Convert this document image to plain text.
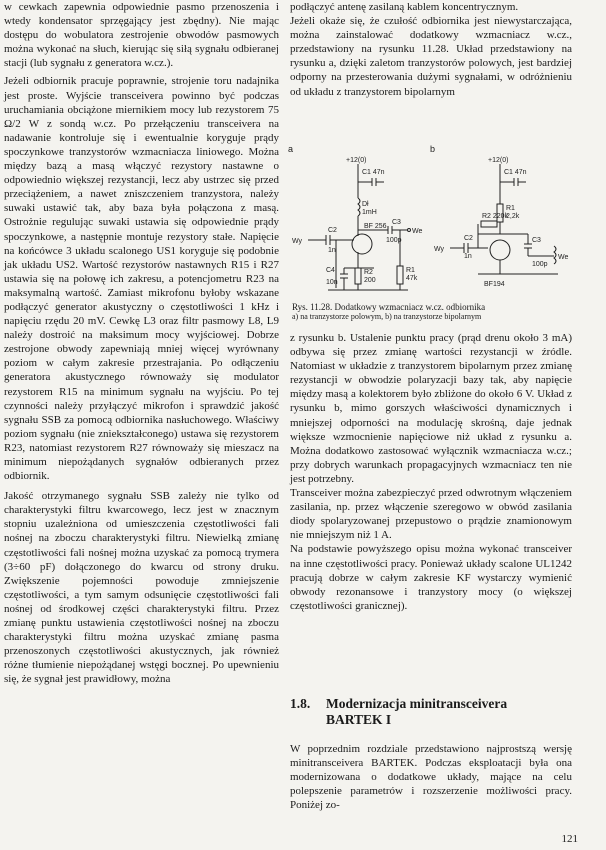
w cewkach zapewnia odpowiednie pasmo przenoszenia i wtedy kondensator sprzęgający jest zbędny). Nie mając dostępu do wobulatora zestrojenie obwodów pasmowych można wykonać na słuch, kierując się siłą sygnału odbieranej stacji (lub sygnału z generatora w.cz.).

Jeżeli odbiornik pracuje poprawnie, strojenie toru nadajnika jest proste. Wyjście transceivera powinno być podczas uruchamiania obciążone miernikiem mocy lub rezystorem 75 Ω/2 W z sondą w.cz. Po przełączeniu transceivera na nadawanie kontroluje się i ewentualnie koryguje prądy spoczynkowe tranzystorów wzmacniacza liniowego. Można między bazą a masą włączyć rezystory nastawne o odpowiednio większej rezystancji, lecz aby ustrzec się przed przeciążeniem, a nawet zniszczeniem tranzystora, należy suwaki ustawić tak, aby baza była połączona z masą. Ostrożnie regulując suwaki ustawia się odpowiednie prądy spoczynkowe, a następnie montuje rezystory stałe. Napięcie na końcówce 3 układu scalonego US1 koryguje się podobnie jak układu US2. Wartość rezystorów nastawnych R15 i R27 ustawia się na połowę ich zakresu, a potencjometru R23 na maksymalną wartość. Zamiast mikrofonu byłoby wskazane podłączyć generator akustyczny o częstotliwości 1 kHz i napięciu rzędu 20 mV. Cewkę L3 oraz filtr pasmowy L8, L9 należy dostroić na maksimum mocy wyjściowej. Dobrze zestrojone obwody zapewniają mniej więcej wyrównany poziom w całym zakresie przestrajania. Po odłączeniu generatora akustycznego równoważy się modulator rezystorem R15 na minimum sygnału na wyjściu. Po tej czynności należy przyłączyć mikrofon i sprawdzić jakość sygnału SSB za pomocą odbiornika nasłuchowego. Właściwy poziom sygnału (nie zniekształconego) ustawa się rezystorem R23, natomiast rezystorem R27 równoważy się mieszacz na minimum niepożądanych sygnałów odbieranych przez odbiornik.

Jakość otrzymanego sygnału SSB zależy nie tylko od charakterystyki filtru kwarcowego, lecz jest w znacznym stopniu uzależniona od umieszczenia częstotliwości fali nośnej na zboczu charakterystyki filtru. Niewielką zmianę częstotliwości fali nośnej można uzyskać za pomocą trymera (3÷60 pF) dołączonego do kwarcu od strony druku. Zwiększenie pojemności powoduje zmniejszenie częstotliwości, a tym samym odsunięcie częstotliwości fali nośnej od środkowej części charakterystyki filtru. Przez zmianę punktu ustawienia częstotliwości nośnej na zboczu charakterystyki filtru można uzyskać zmianę pasma przenoszonych częstotliwości akustycznych, jak również różne tłumienie niepożądanej wstęgi bocznej. Po upewnieniu się, że sygnał jest prawidłowy, można

podłączyć antenę zasilaną kablem koncentrycznym.

Jeżeli okaże się, że czułość odbiornika jest niewystarczająca, można zainstalować dodatkowy wzmacniacz w.cz., przedstawiony na rysunku 11.28. Układ przedstawiony na rysunku a, dzięki zaletom tranzystorów polowych, jest bardziej odporny na przesterowania dużymi sygnałami, w odróżnieniu od układu z tranzystorem bipolarnym

a	b
+12(0)	+12(0)
C1 47n	C1 47n
Dł
1mH
R1
2,2k
R2 220k
C2
1n
C2
1n
BF 256
BF194
C3
100p	C3
100p
C4
10n
R2
200
R1
47k
Wy
We
Wy
We
Rys. 11.28. Dodatkowy wzmacniacz w.cz. odbiornika
a) na tranzystorze polowym, b) na tranzystorze bipolarnym

z rysunku b. Ustalenie punktu pracy (prąd drenu około 3 mA) odbywa się przez zmianę wartości rezystancji w źródle. Natomiast w układzie z tranzystorem bipolarnym przez zmianę rezystancji w obwodzie polaryzacji bazy tak, aby napięcie między masą a kolektorem było zbliżone do około 6 V. Układ z rysunku b, mimo gorszych właściwości dynamicznych i mniejszej odporności na modulację skrośną, daje jednak większe wzmocnienie napięciowe niż układ z rysunku a. Można dodatkowo zastosować wyłącznik wzmacniacza w.cz.; przy dobrych warunkach propagacyjnych wzmacniacz ten nie jest potrzebny.

Transceiver można zabezpieczyć przed odwrotnym włączeniem zasilania, np. przez włączenie szeregowo w obwód zasilania diody spolaryzowanej przepustowo o prądzie znamionowym nie mniejszym niż 1 A.

Na podstawie powyższego opisu można wykonać transceiver na inne częstotliwości pracy. Ponieważ układy scalone UL1242 pracują dobrze w całym zakresie KF wystarczy wymienić obwody rezonansowe i tranzystory mocy (o większej częstotliwości granicznej).

1.8. Modernizacja minitransceivera
BARTEK I

W poprzednim rozdziale przedstawiono najprostszą wersję minitransceivera BARTEK. Podczas eksploatacji była ona modernizowana o dodatkowe układy, mające na celu polepszenie parametrów i rozszerzenie możliwości pracy. Poniżej zo-

121
